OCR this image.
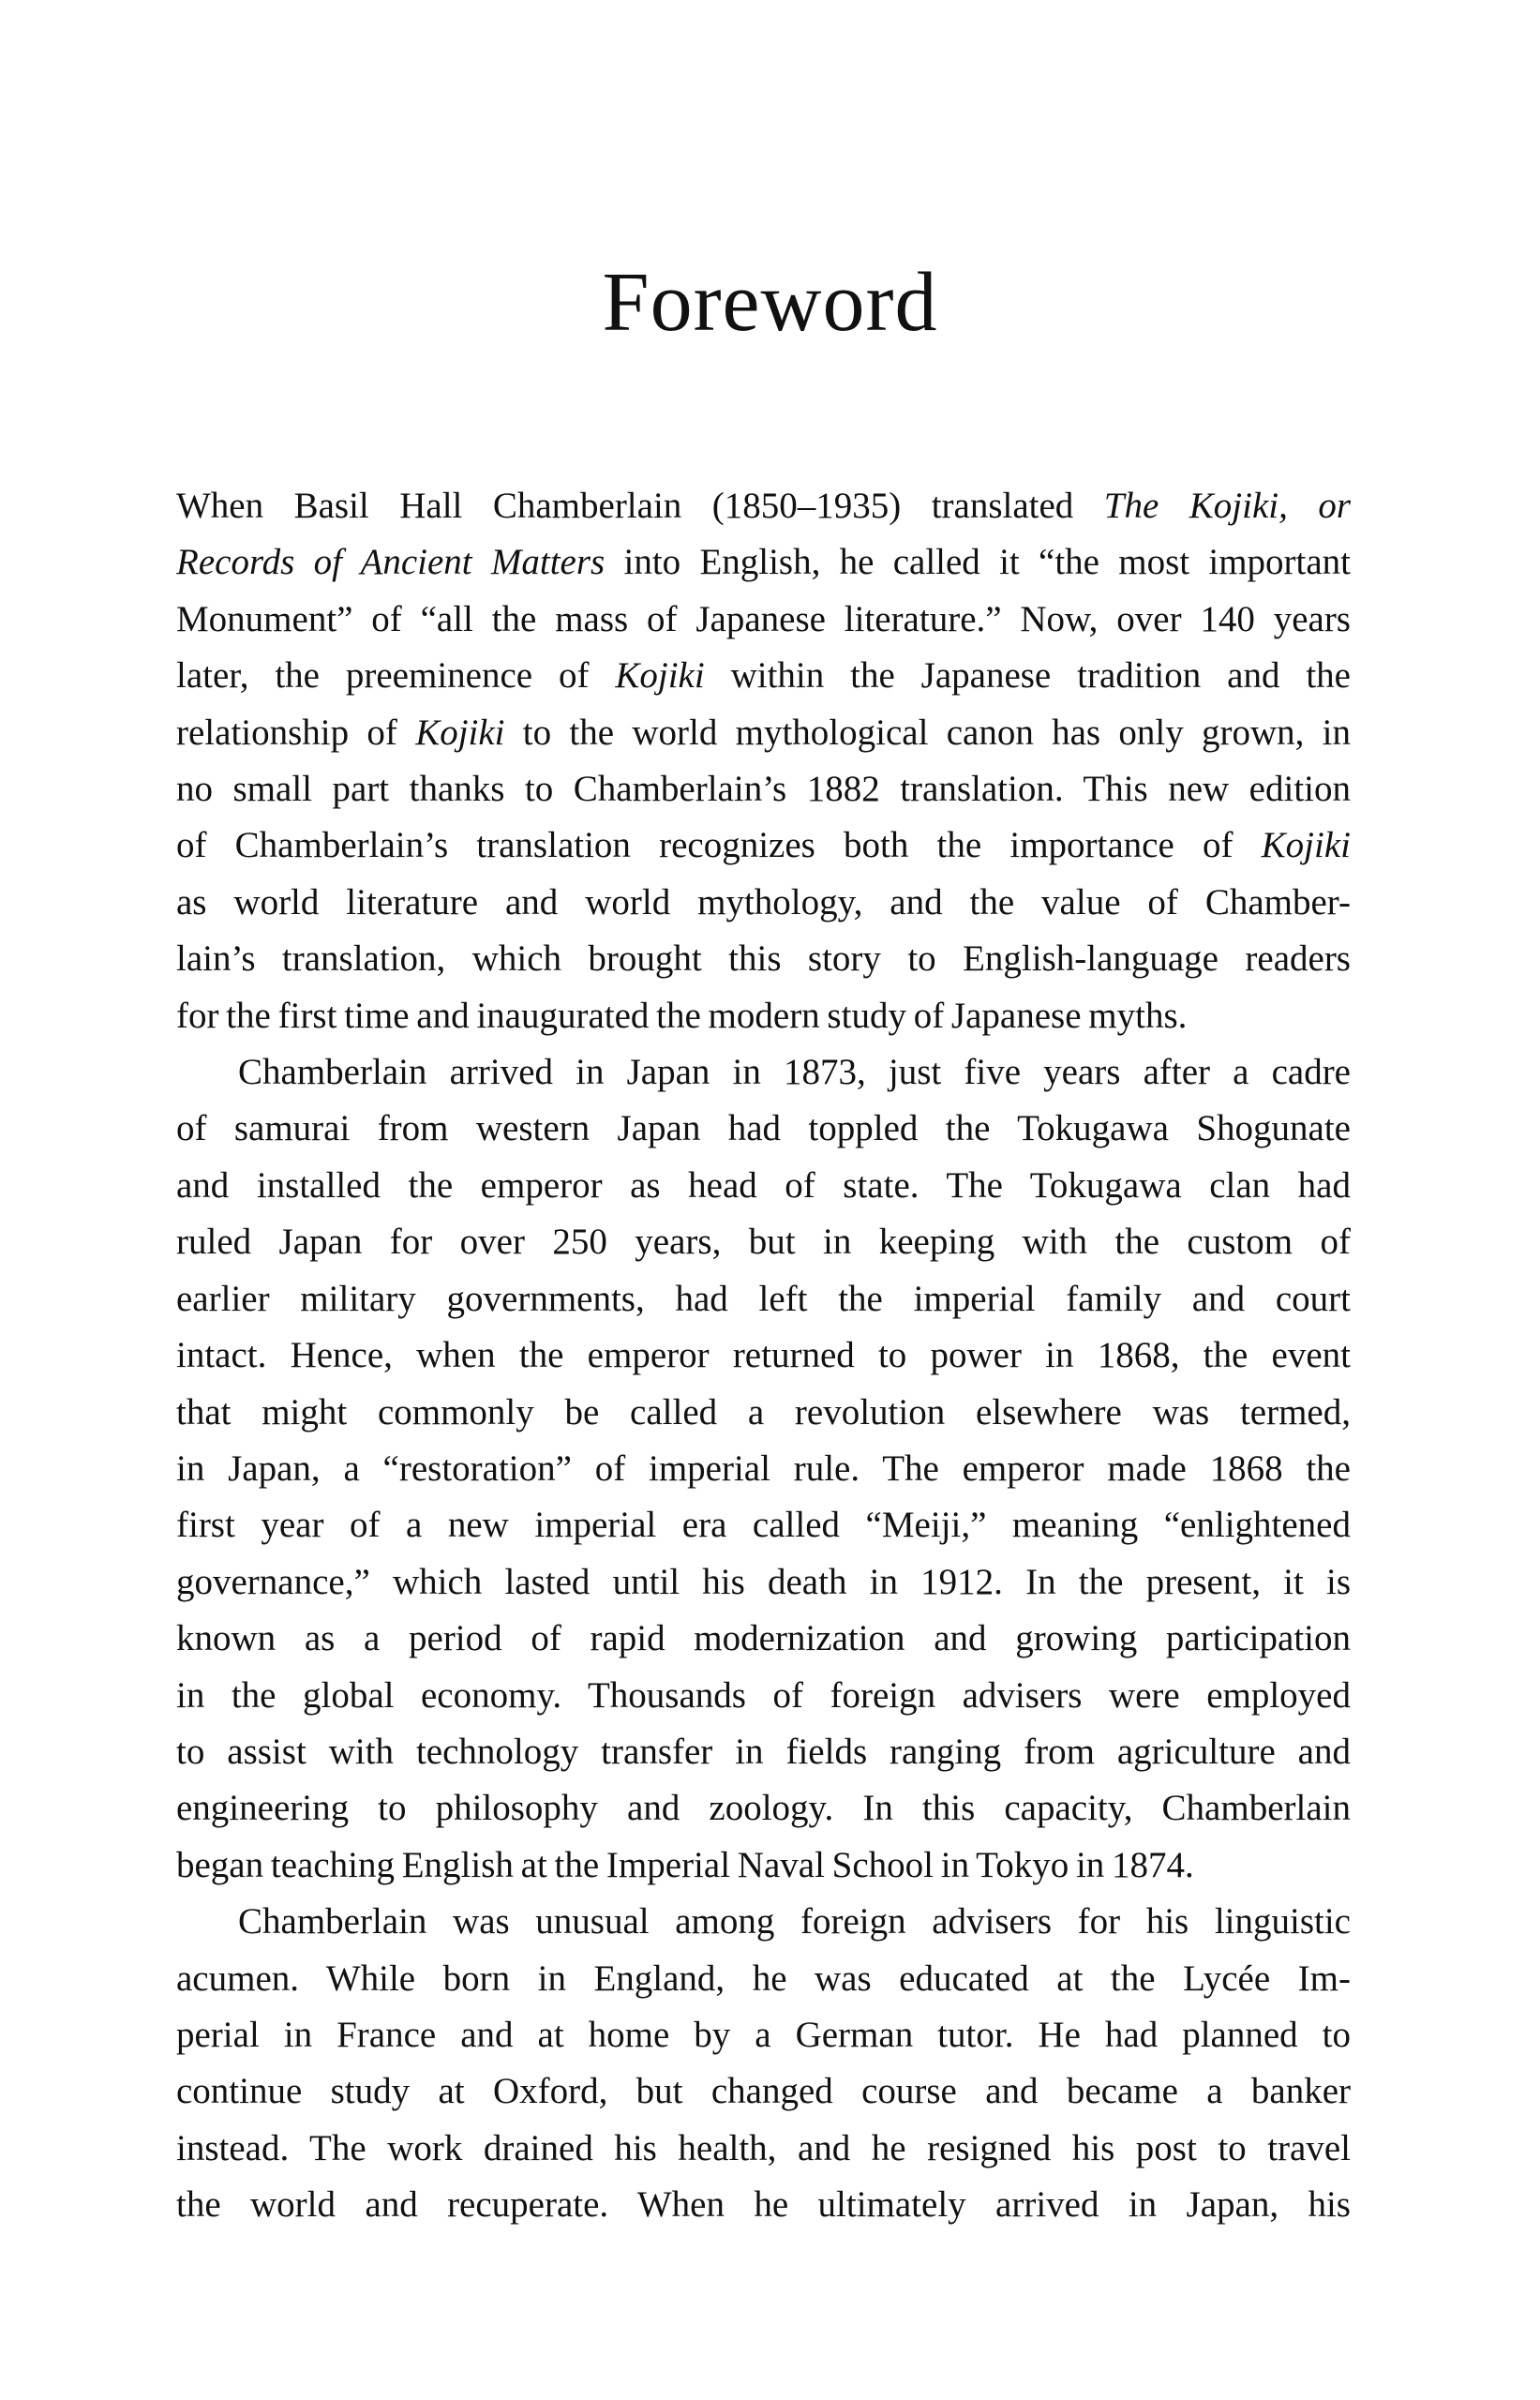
Foreword
When Basil Hall Chamberlain (1850–1935) translated The Kojiki, or
Records of Ancient Matters into English, he called it “the most important
Monument” of “all the mass of Japanese literature.” Now, over 140 years
later, the preeminence of Kojiki within the Japanese tradition and the
relationship of Kojiki to the world mythological canon has only grown, in
no small part thanks to Chamberlain’s 1882 translation. This new edition
of Chamberlain’s translation recognizes both the importance of Kojiki
as world literature and world mythology, and the value of Chamber-
lain’s translation, which brought this story to English-language readers
for the first time and inaugurated the modern study of Japanese myths.
Chamberlain arrived in Japan in 1873, just five years after a cadre
of samurai from western Japan had toppled the Tokugawa Shogunate
and installed the emperor as head of state. The Tokugawa clan had
ruled Japan for over 250 years, but in keeping with the custom of
earlier military governments, had left the imperial family and court
intact. Hence, when the emperor returned to power in 1868, the event
that might commonly be called a revolution elsewhere was termed,
in Japan, a “restoration” of imperial rule. The emperor made 1868 the
first year of a new imperial era called “Meiji,” meaning “enlightened
governance,” which lasted until his death in 1912. In the present, it is
known as a period of rapid modernization and growing participation
in the global economy. Thousands of foreign advisers were employed
to assist with technology transfer in fields ranging from agriculture and
engineering to philosophy and zoology. In this capacity, Chamberlain
began teaching English at the Imperial Naval School in Tokyo in 1874.
Chamberlain was unusual among foreign advisers for his linguistic
acumen. While born in England, he was educated at the Lycée Im-
perial in France and at home by a German tutor. He had planned to
continue study at Oxford, but changed course and became a banker
instead. The work drained his health, and he resigned his post to travel
the world and recuperate. When he ultimately arrived in Japan, his
